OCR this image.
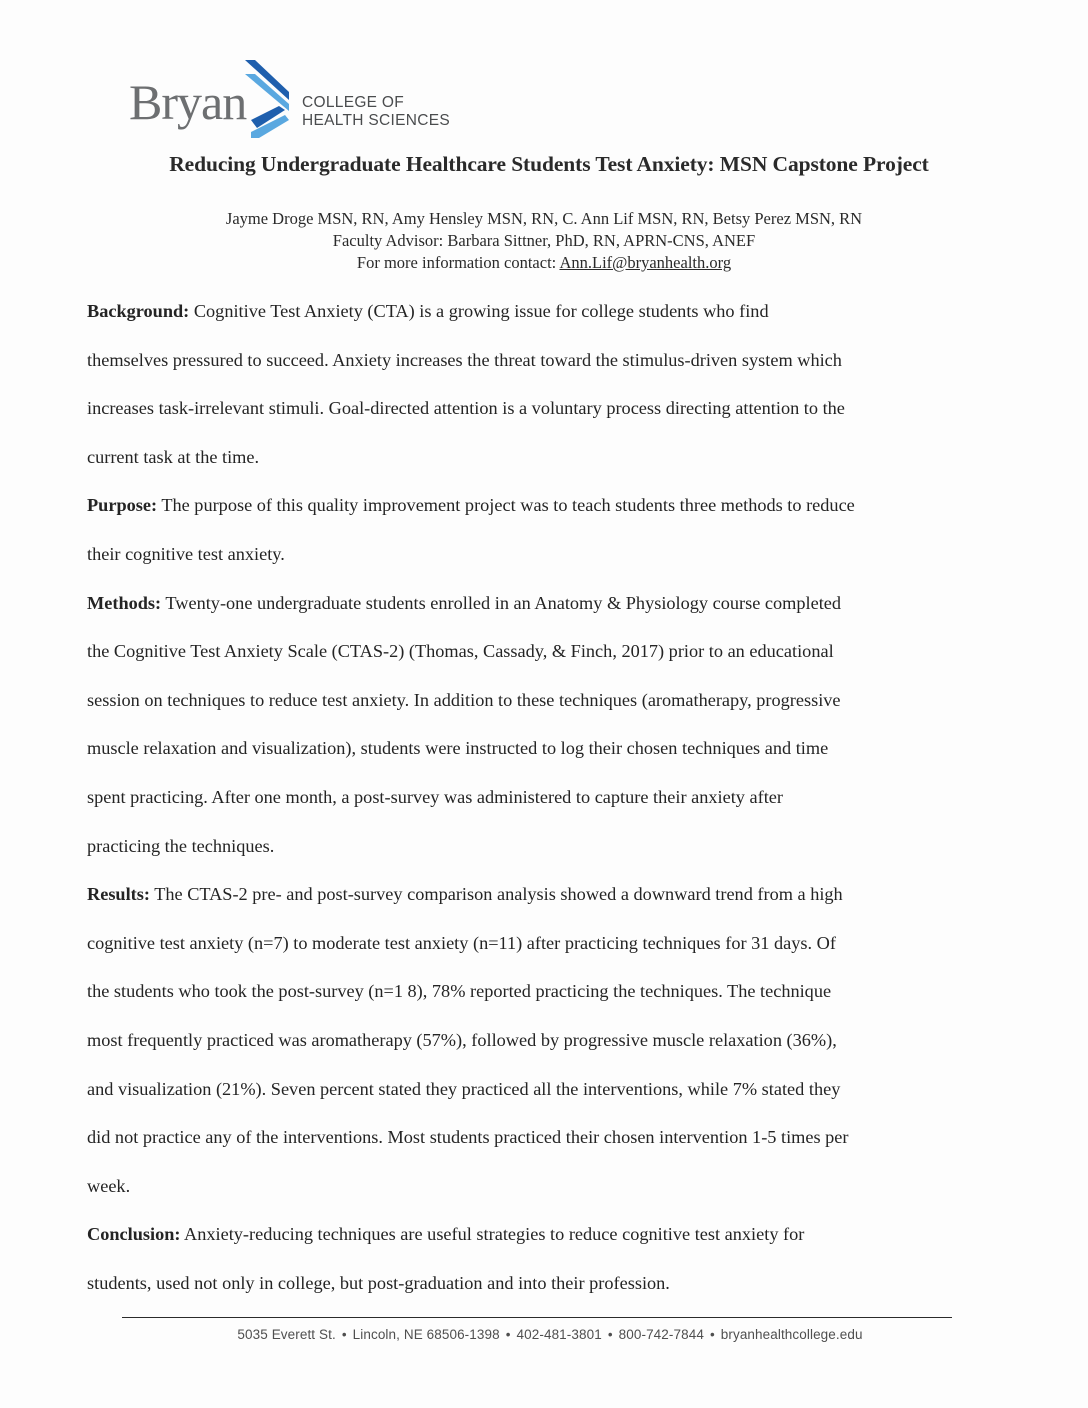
Bryan	COLLEGE OF
HEALTH SCIENCES
Reducing Undergraduate Healthcare Students Test Anxiety: MSN Capstone Project
Jayme Droge MSN, RN, Amy Hensley MSN, RN, C. Ann Lif MSN, RN, Betsy Perez MSN, RN
Faculty Advisor: Barbara Sittner, PhD, RN, APRN-CNS, ANEF
For more information contact: Ann.Lif@bryanhealth.org
Background: Cognitive Test Anxiety (CTA) is a growing issue for college students who find
themselves pressured to succeed. Anxiety increases the threat toward the stimulus-driven system which
increases task-irrelevant stimuli. Goal-directed attention is a voluntary process directing attention to the
current task at the time.
Purpose: The purpose of this quality improvement project was to teach students three methods to reduce
their cognitive test anxiety.
Methods: Twenty-one undergraduate students enrolled in an Anatomy & Physiology course completed
the Cognitive Test Anxiety Scale (CTAS-2) (Thomas, Cassady, & Finch, 2017) prior to an educational
session on techniques to reduce test anxiety. In addition to these techniques (aromatherapy, progressive
muscle relaxation and visualization), students were instructed to log their chosen techniques and time
spent practicing. After one month, a post-survey was administered to capture their anxiety after
practicing the techniques.
Results: The CTAS-2 pre- and post-survey comparison analysis showed a downward trend from a high
cognitive test anxiety (n=7) to moderate test anxiety (n=11) after practicing techniques for 31 days. Of
the students who took the post-survey (n=1 8), 78% reported practicing the techniques. The technique
most frequently practiced was aromatherapy (57%), followed by progressive muscle relaxation (36%),
and visualization (21%). Seven percent stated they practiced all the interventions, while 7% stated they
did not practice any of the interventions. Most students practiced their chosen intervention 1-5 times per
week.
Conclusion: Anxiety-reducing techniques are useful strategies to reduce cognitive test anxiety for
students, used not only in college, but post-graduation and into their profession.
5035 Everett St. • Lincoln, NE 68506-1398 • 402-481-3801 • 800-742-7844 • bryanhealthcollege.edu
